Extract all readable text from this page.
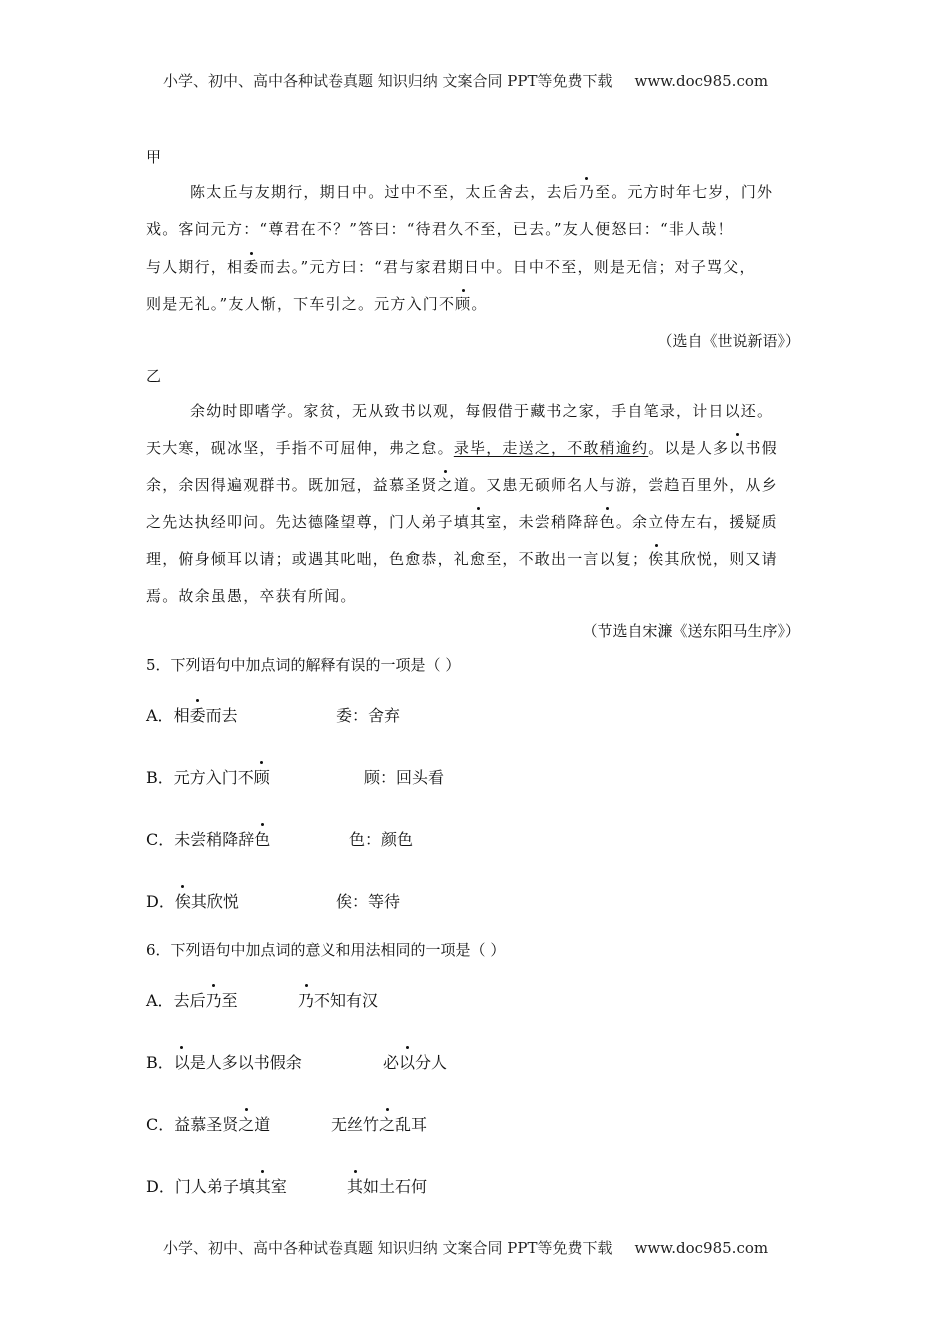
小学、初中、高中各种试卷真题 知识归纳 文案合同 PPT等免费下载 www.doc985.com
甲
陈太丘与友期行，期日中。过中不至，太丘舍去，去后乃至。元方时年七岁，门外
戏。客问元方：“尊君在不？”答曰：“待君久不至，已去。”友人便怒曰：“非人哉！
与人期行，相委而去。”元方曰：“君与家君期日中。日中不至，则是无信；对子骂父，
则是无礼。”友人惭，下车引之。元方入门不顾。
（选自《世说新语》）
乙
余幼时即嗜学。家贫，无从致书以观，每假借于藏书之家，手自笔录，计日以还。
天大寒，砚冰坚，手指不可屈伸，弗之怠。录毕，走送之，不敢稍逾约。以是人多以书假
余，余因得遍观群书。既加冠，益慕圣贤之道。又患无硕师名人与游，尝趋百里外，从乡
之先达执经叩问。先达德隆望尊，门人弟子填其室，未尝稍降辞色。余立侍左右，援疑质
理，俯身倾耳以请；或遇其叱咄，色愈恭，礼愈至，不敢出一言以复；俟其欣悦，则又请
焉。故余虽愚，卒获有所闻。
（节选自宋濂《送东阳马生序》）
5．下列语句中加点词的解释有误的一项是（ ）
A．相委而去	委：舍弃
B．元方入门不顾	顾：回头看
C．未尝稍降辞色	色：颜色
D．俟其欣悦	俟：等待
6．下列语句中加点词的意义和用法相同的一项是（ ）
A．去后乃至	乃不知有汉
B．以是人多以书假余	必以分人
C．益慕圣贤之道	无丝竹之乱耳
D．门人弟子填其室	其如土石何
小学、初中、高中各种试卷真题 知识归纳 文案合同 PPT等免费下载 www.doc985.com
